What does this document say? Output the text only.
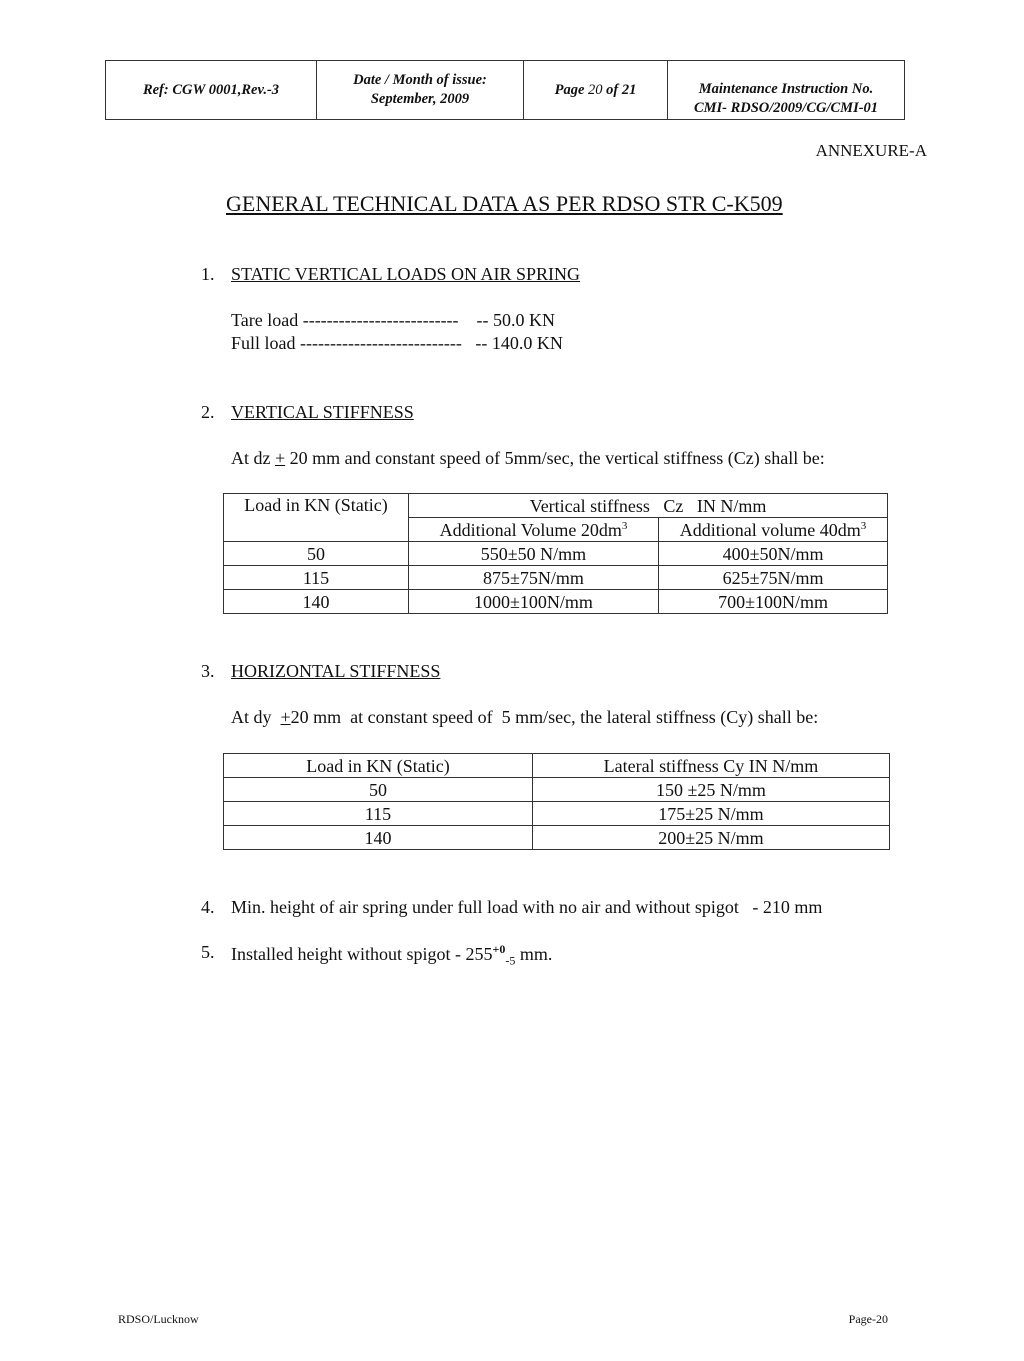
Ref: CGW 0001,Rev.-3	Date / Month of issue:
September, 2009	Page 20 of 21	Maintenance Instruction No.
CMI- RDSO/2009/CG/CMI-01
ANNEXURE-A
GENERAL TECHNICAL DATA AS PER RDSO STR C-K509
1. STATIC VERTICAL LOADS ON AIR SPRING
Tare load --------------------------    -- 50.0 KN
Full load ---------------------------   -- 140.0 KN
2. VERTICAL STIFFNESS
At dz + 20 mm and constant speed of 5mm/sec, the vertical stiffness (Cz) shall be:
Load in KN (Static)	Vertical stiffness   Cz   IN N/mm	
	Additional Volume $20dm^3$	Additional volume $40dm^3$
50	550±50 N/mm	400±50N/mm
115	875±75N/mm	625±75N/mm
140	1000±100N/mm	700±100N/mm
3. HORIZONTAL STIFFNESS
At dy  +20 mm  at constant speed of  5 mm/sec, the lateral stiffness (Cy) shall be:
Load in KN (Static)	Lateral stiffness Cy IN N/mm
50	150 ±25 N/mm
115	175±25 N/mm
140	200±25 N/mm
4. Min. height of air spring under full load with no air and without spigot   - 210 mm
5. Installed height without spigot - $255^{+0}_{-5}$ mm.
RDSO/Lucknow	Page-20
